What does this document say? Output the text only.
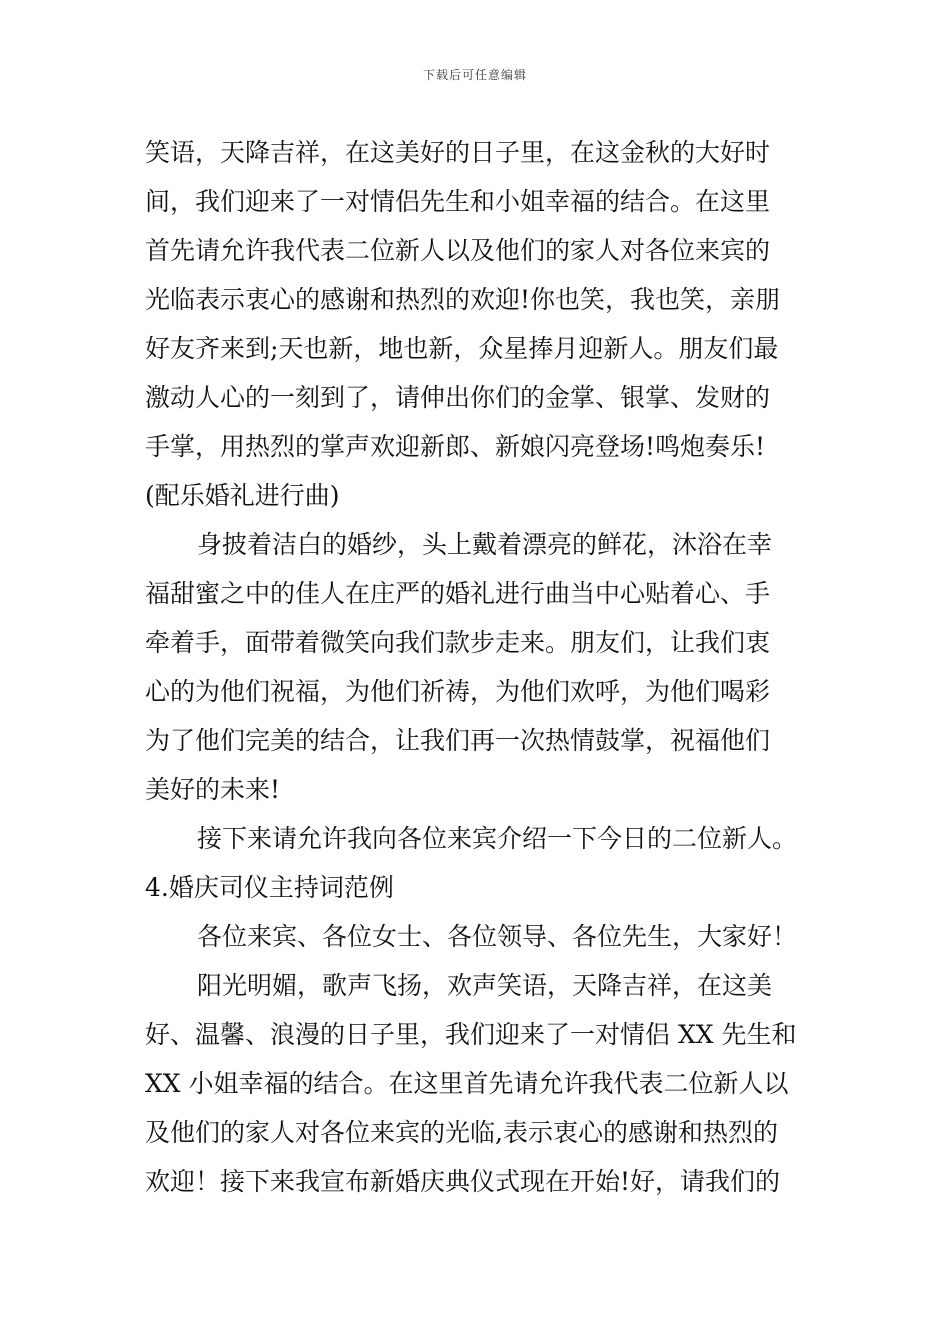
下载后可任意编辑
笑语，天降吉祥，在这美好的日子里，在这金秋的大好时
间，我们迎来了一对情侣先生和小姐幸福的结合。在这里
首先请允许我代表二位新人以及他们的家人对各位来宾的
光临表示衷心的感谢和热烈的欢迎!你也笑，我也笑，亲朋
好友齐来到;天也新，地也新，众星捧月迎新人。朋友们最
激动人心的一刻到了，请伸出你们的金掌、银掌、发财的
手掌，用热烈的掌声欢迎新郎、新娘闪亮登场!鸣炮奏乐!
(配乐婚礼进行曲)
身披着洁白的婚纱，头上戴着漂亮的鲜花，沐浴在幸
福甜蜜之中的佳人在庄严的婚礼进行曲当中心贴着心、手
牵着手，面带着微笑向我们款步走来。朋友们，让我们衷
心的为他们祝福，为他们祈祷，为他们欢呼，为他们喝彩
为了他们完美的结合，让我们再一次热情鼓掌，祝福他们
美好的未来!
接下来请允许我向各位来宾介绍一下今日的二位新人。
4.婚庆司仪主持词范例
各位来宾、各位女士、各位领导、各位先生，大家好！
阳光明媚，歌声飞扬，欢声笑语，天降吉祥，在这美
好、温馨、浪漫的日子里，我们迎来了一对情侣 XX 先生和
XX 小姐幸福的结合。在这里首先请允许我代表二位新人以
及他们的家人对各位来宾的光临,表示衷心的感谢和热烈的
欢迎！接下来我宣布新婚庆典仪式现在开始!好，请我们的
